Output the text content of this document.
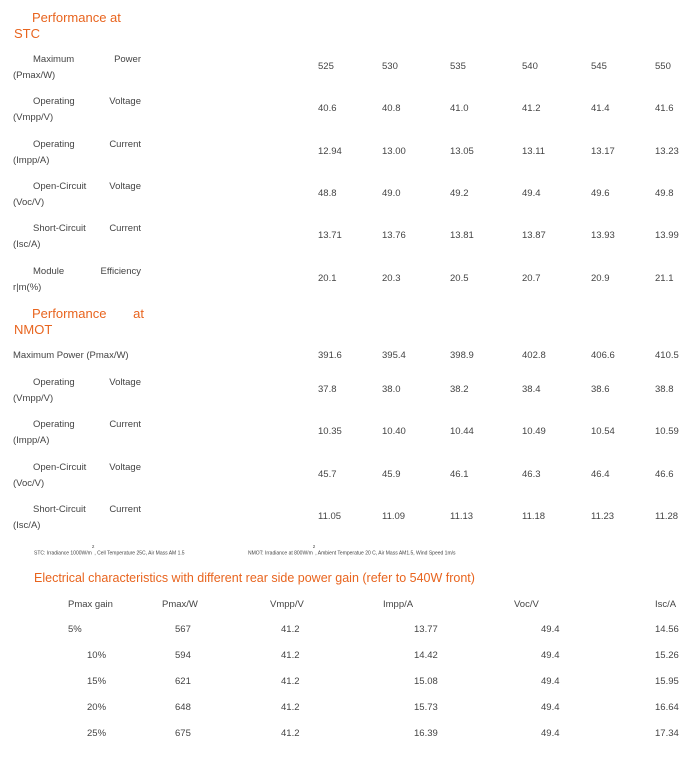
Performance at
STC
Maximum	Power
(Pmax/W)
525	530	535	540	545	550
Operating	Voltage
(Vmpp/V)
40.6	40.8	41.0	41.2	41.4	41.6
Operating	Current
(Impp/A)
12.94	13.00	13.05	13.11	13.17	13.23
Open-Circuit Voltage
(Voc/V)
48.8	49.0	49.2	49.4	49.6	49.8
Short-Circuit Current
(Isc/A)
13.71	13.76	13.81	13.87	13.93	13.99
Module	Efficiency
r|m(%)
20.1	20.3	20.5	20.7	20.9	21.1
Performance at
NMOT
Maximum Power (Pmax/W)	391.6	395.4	398.9	402.8	406.6	410.5
Operating	Voltage
(Vmpp/V)
37.8	38.0	38.2	38.4	38.6	38.8
Operating	Current
(Impp/A)
10.35	10.40	10.44	10.49	10.54	10.59
Open-Circuit Voltage
(Voc/V)
45.7	45.9	46.1	46.3	46.4	46.6
Short-Circuit Current
(Isc/A)
11.05	11.09	11.13	11.18	11.23	11.28
STC: Irradiance $1000W/m^2$, Cell Temperature 25C, Air Mass AM 1.5	NMOT: Irradiance at $800W/m^2$, Ambient Temperatue 20 C, Air Mass AM1.5, Wind Speed 1m/s
Electrical characteristics with different rear side power gain (refer to 540W front)
Pmax gain	Pmax/W	Vmpp/V	Impp/A	Voc/V	Isc/A
5%	567	41.2	13.77	49.4	14.56
10%	594	41.2	14.42	49.4	15.26
15%	621	41.2	15.08	49.4	15.95
20%	648	41.2	15.73	49.4	16.64
25%	675	41.2	16.39	49.4	17.34
